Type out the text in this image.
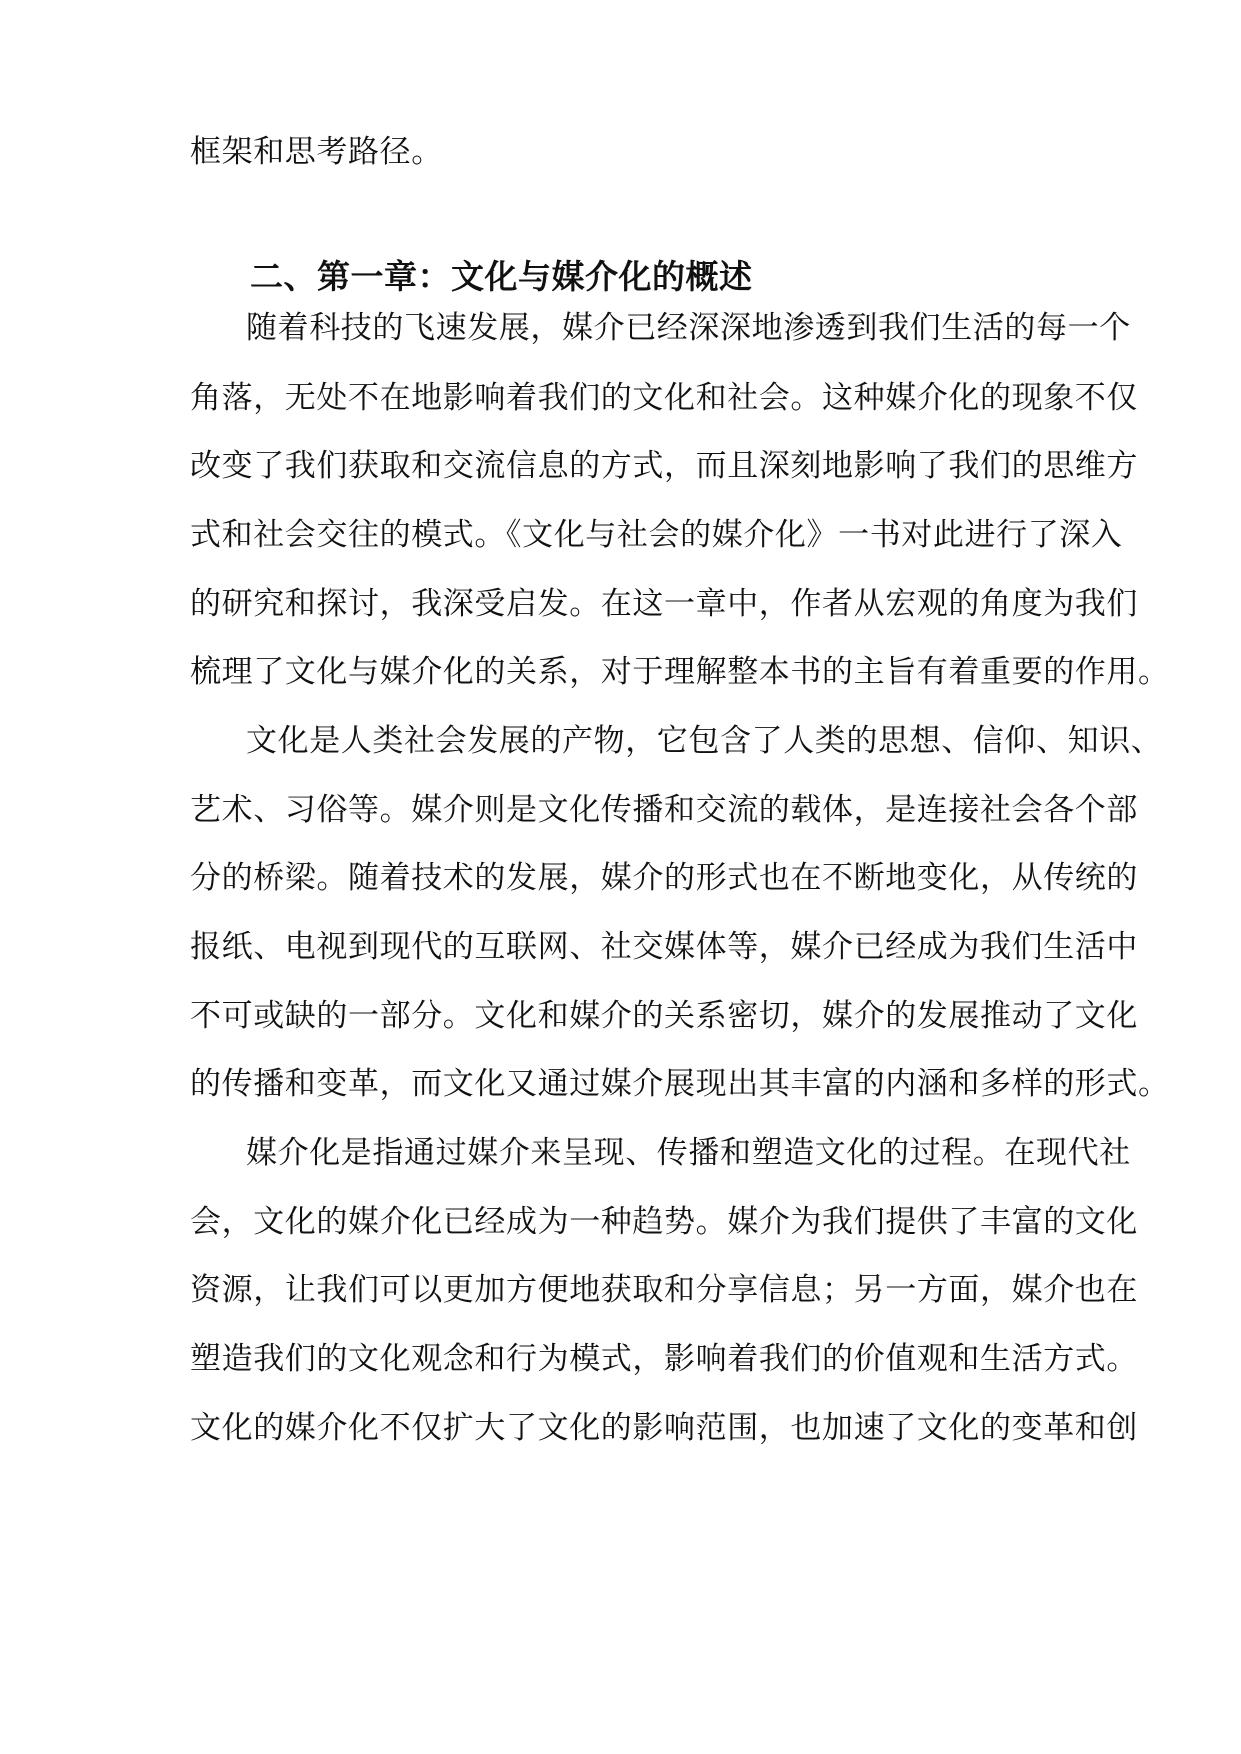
框架和思考路径。
二、第一章：文化与媒介化的概述
随着科技的飞速发展，媒介已经深深地渗透到我们生活的每一个
角落，无处不在地影响着我们的文化和社会。这种媒介化的现象不仅
改变了我们获取和交流信息的方式，而且深刻地影响了我们的思维方
式和社会交往的模式。《文化与社会的媒介化》一书对此进行了深入
的研究和探讨，我深受启发。在这一章中，作者从宏观的角度为我们
梳理了文化与媒介化的关系，对于理解整本书的主旨有着重要的作用。
文化是人类社会发展的产物，它包含了人类的思想、信仰、知识、
艺术、习俗等。媒介则是文化传播和交流的载体，是连接社会各个部
分的桥梁。随着技术的发展，媒介的形式也在不断地变化，从传统的
报纸、电视到现代的互联网、社交媒体等，媒介已经成为我们生活中
不可或缺的一部分。文化和媒介的关系密切，媒介的发展推动了文化
的传播和变革，而文化又通过媒介展现出其丰富的内涵和多样的形式。
媒介化是指通过媒介来呈现、传播和塑造文化的过程。在现代社
会，文化的媒介化已经成为一种趋势。媒介为我们提供了丰富的文化
资源，让我们可以更加方便地获取和分享信息；另一方面，媒介也在
塑造我们的文化观念和行为模式，影响着我们的价值观和生活方式。
文化的媒介化不仅扩大了文化的影响范围，也加速了文化的变革和创
